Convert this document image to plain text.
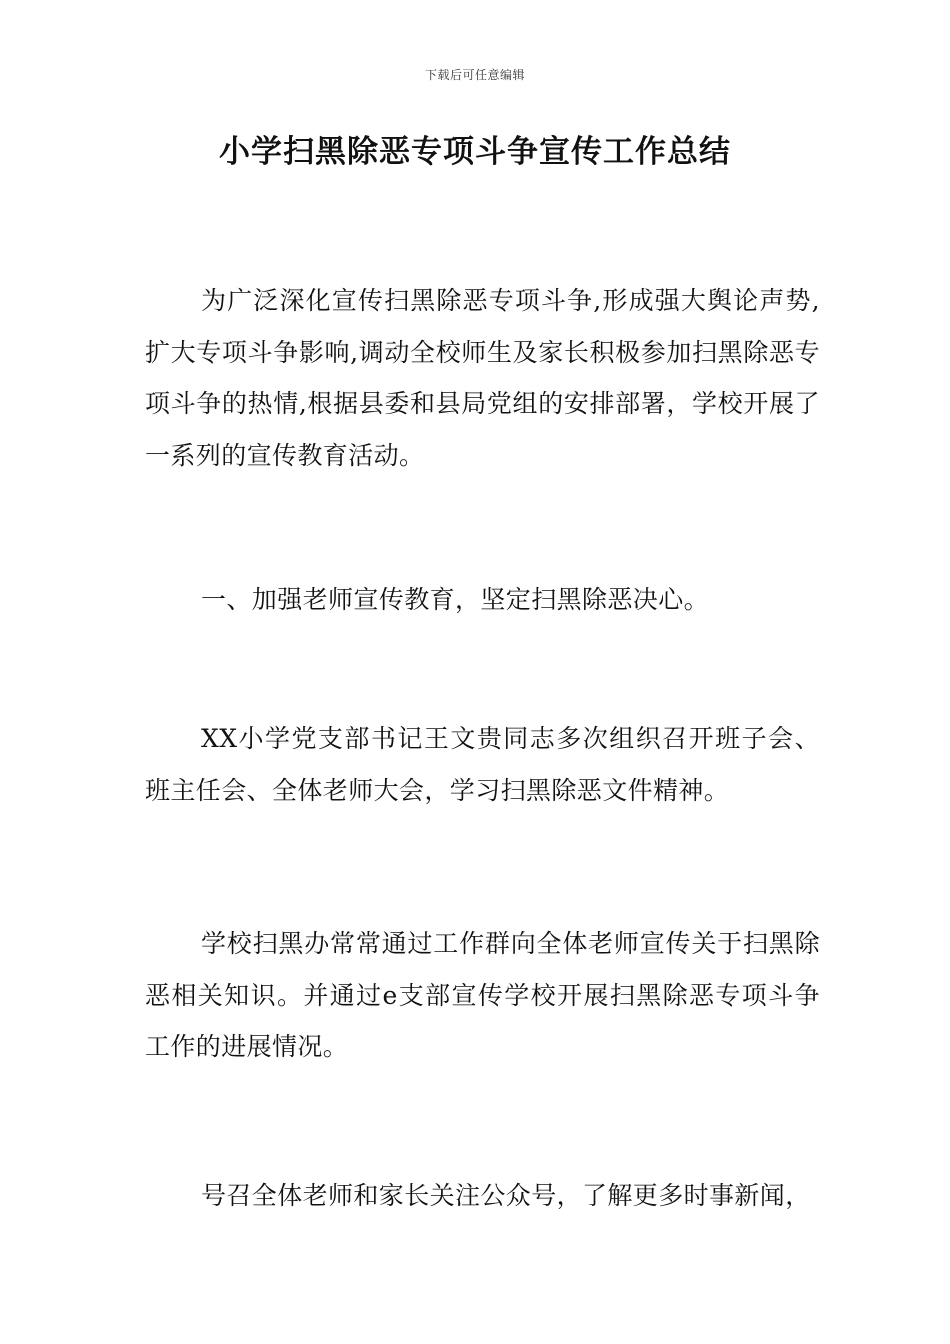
下载后可任意编辑
小学扫黑除恶专项斗争宣传工作总结

为广泛深化宣传扫黑除恶专项斗争,形成强大舆论声势,扩大专项斗争影响,调动全校师生及家长积极参加扫黑除恶专项斗争的热情,根据县委和县局党组的安排部署，学校开展了一系列的宣传教育活动。

一、加强老师宣传教育，坚定扫黑除恶决心。

XX小学党支部书记王文贵同志多次组织召开班子会、班主任会、全体老师大会，学习扫黑除恶文件精神。

学校扫黑办常常通过工作群向全体老师宣传关于扫黑除恶相关知识。并通过e支部宣传学校开展扫黑除恶专项斗争工作的进展情况。

号召全体老师和家长关注公众号，了解更多时事新闻，
